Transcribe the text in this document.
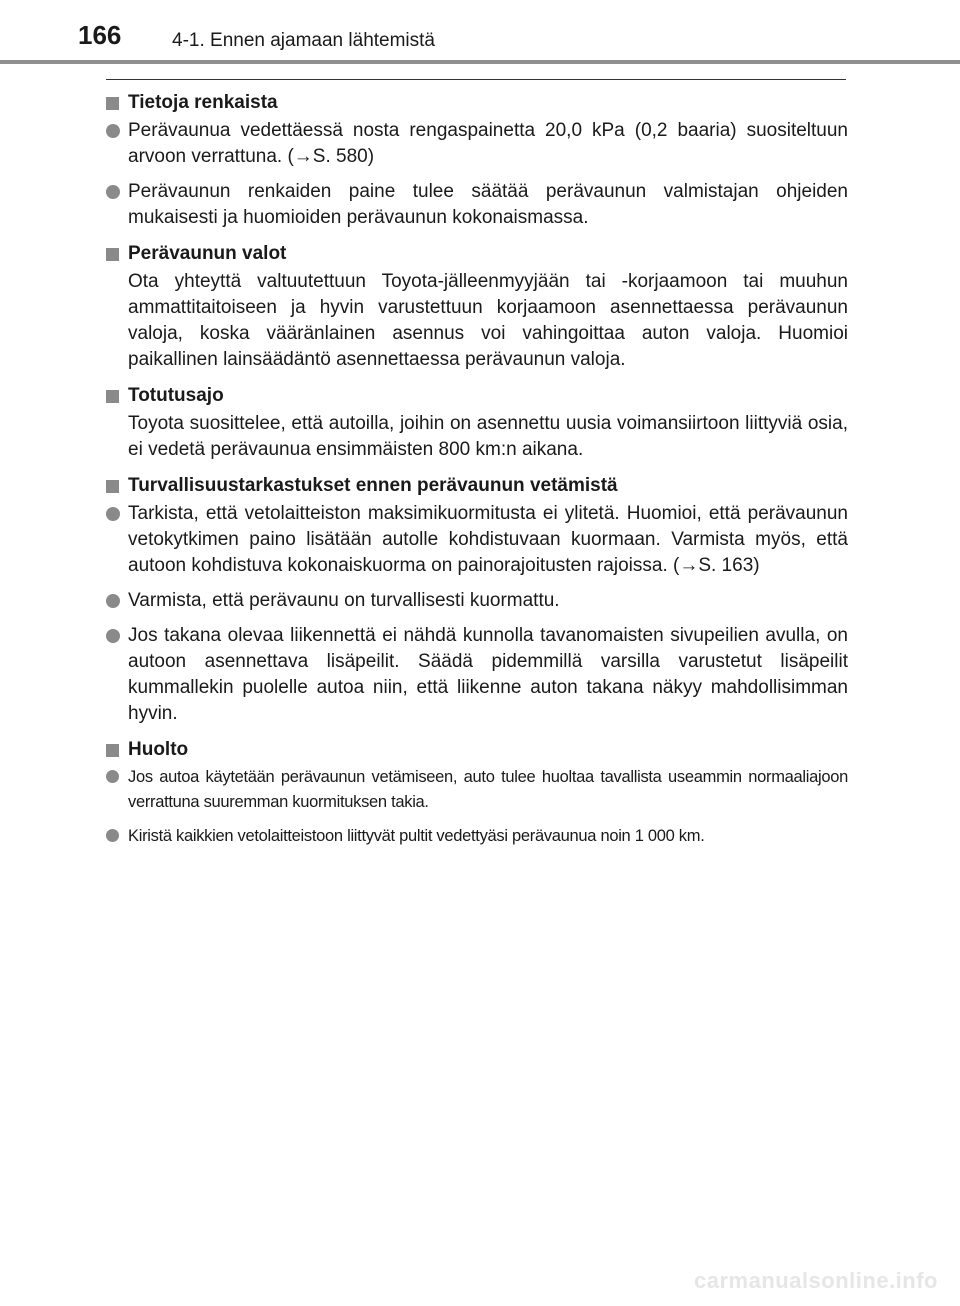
166	4-1. Ennen ajamaan lähtemistä
Tietoja renkaista
Perävaunua vedettäessä nosta rengaspainetta 20,0 kPa (0,2 baaria) suositeltuun arvoon verrattuna. (→S. 580)
Perävaunun renkaiden paine tulee säätää perävaunun valmistajan ohjeiden mukaisesti ja huomioiden perävaunun kokonaismassa.
Perävaunun valot
Ota yhteyttä valtuutettuun Toyota-jälleenmyyjään tai -korjaamoon tai muuhun ammattitaitoiseen ja hyvin varustettuun korjaamoon asennettaessa perävaunun valoja, koska vääränlainen asennus voi vahingoittaa auton valoja. Huomioi paikallinen lainsäädäntö asennettaessa perävaunun valoja.
Totutusajo
Toyota suosittelee, että autoilla, joihin on asennettu uusia voimansiirtoon liittyviä osia, ei vedetä perävaunua ensimmäisten 800 km:n aikana.
Turvallisuustarkastukset ennen perävaunun vetämistä
Tarkista, että vetolaitteiston maksimikuormitusta ei ylitetä. Huomioi, että perävaunun vetokytkimen paino lisätään autolle kohdistuvaan kuormaan. Varmista myös, että autoon kohdistuva kokonaiskuorma on painorajoitusten rajoissa. (→S. 163)
Varmista, että perävaunu on turvallisesti kuormattu.
Jos takana olevaa liikennettä ei nähdä kunnolla tavanomaisten sivupeilien avulla, on autoon asennettava lisäpeilit. Säädä pidemmillä varsilla varustetut lisäpeilit kummallekin puolelle autoa niin, että liikenne auton takana näkyy mahdollisimman hyvin.
Huolto
Jos autoa käytetään perävaunun vetämiseen, auto tulee huoltaa tavallista useammin normaaliajoon verrattuna suuremman kuormituksen takia.
Kiristä kaikkien vetolaitteistoon liittyvät pultit vedettyäsi perävaunua noin 1 000 km.
carmanualsonline.info
